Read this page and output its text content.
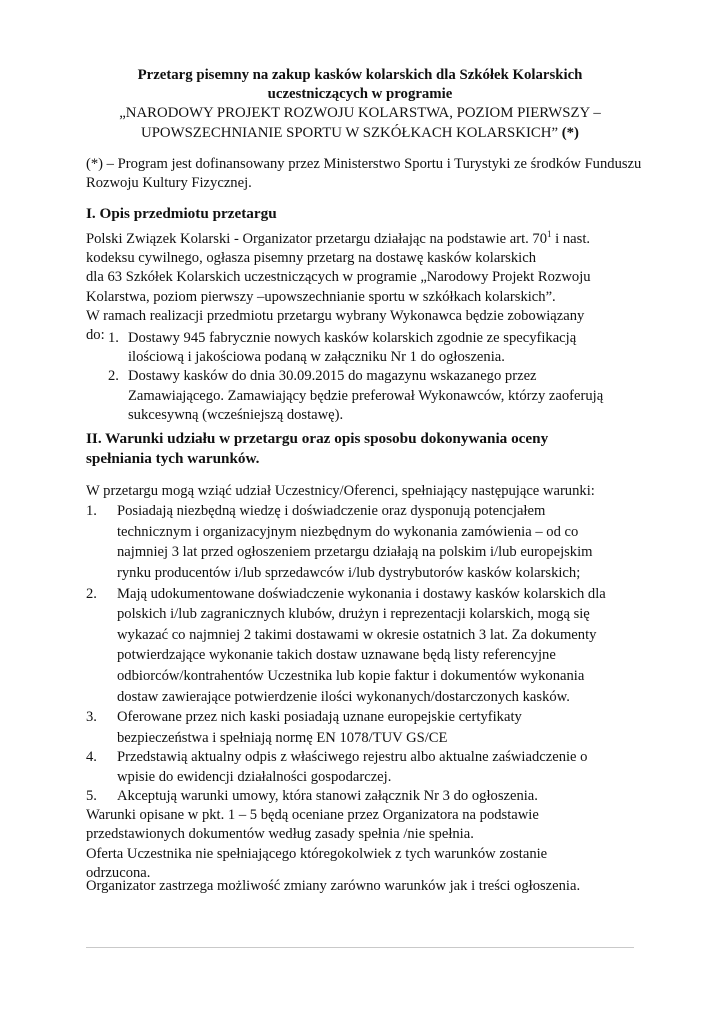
Przetarg pisemny na zakup kasków kolarskich dla Szkółek Kolarskich
uczestniczących w programie
„NARODOWY PROJEKT ROZWOJU KOLARSTWA, POZIOM PIERWSZY –
UPOWSZECHNIANIE SPORTU W SZKÓŁKACH KOLARSKICH” (*)
(*) – Program jest dofinansowany przez Ministerstwo Sportu i Turystyki ze środków Funduszu
Rozwoju Kultury Fizycznej.
I. Opis przedmiotu przetargu
Polski Związek Kolarski - Organizator przetargu działając na podstawie art. $70^1$ i nast.
kodeksu cywilnego, ogłasza pisemny przetarg na dostawę kasków kolarskich
dla 63 Szkółek Kolarskich uczestniczących w programie „Narodowy Projekt Rozwoju
Kolarstwa, poziom pierwszy –upowszechnianie sportu w szkółkach kolarskich”.
W ramach realizacji przedmiotu przetargu wybrany Wykonawca będzie zobowiązany
do: 1. Dostawy 945 fabrycznie nowych kasków kolarskich zgodnie ze specyfikacją
ilościową i jakościowa podaną w załączniku Nr 1 do ogłoszenia.
2. Dostawy kasków do dnia 30.09.2015 do magazynu wskazanego przez
Zamawiającego. Zamawiający będzie preferował Wykonawców, którzy zaoferują
sukcesywną (wcześniejszą dostawę).
II. Warunki udziału w przetargu oraz opis sposobu dokonywania oceny
spełniania tych warunków.
W przetargu mogą wziąć udział Uczestnicy/Oferenci, spełniający następujące warunki:
1. Posiadają niezbędną wiedzę i doświadczenie oraz dysponują potencjałem
technicznym i organizacyjnym niezbędnym do wykonania zamówienia – od co
najmniej 3 lat przed ogłoszeniem przetargu działają na polskim i/lub europejskim
rynku producentów i/lub sprzedawców i/lub dystrybutorów kasków kolarskich;
2. Mają udokumentowane doświadczenie wykonania i dostawy kasków kolarskich dla
polskich i/lub zagranicznych klubów, drużyn i reprezentacji kolarskich, mogą się
wykazać co najmniej 2 takimi dostawami w okresie ostatnich 3 lat. Za dokumenty
potwierdzające wykonanie takich dostaw uznawane będą listy referencyjne
odbiorców/kontrahentów Uczestnika lub kopie faktur i dokumentów wykonania
dostaw zawierające potwierdzenie ilości wykonanych/dostarczonych kasków.
3. Oferowane przez nich kaski posiadają uznane europejskie certyfikaty
bezpieczeństwa i spełniają normę EN 1078/TUV GS/CE
4. Przedstawią aktualny odpis z właściwego rejestru albo aktualne zaświadczenie o
wpisie do ewidencji działalności gospodarczej.
5. Akceptują warunki umowy, która stanowi załącznik Nr 3 do ogłoszenia.
Warunki opisane w pkt. 1 – 5 będą oceniane przez Organizatora na podstawie
przedstawionych dokumentów według zasady spełnia /nie spełnia.
Oferta Uczestnika nie spełniającego któregokolwiek z tych warunków zostanie
odrzucona.
Organizator zastrzega możliwość zmiany zarówno warunków jak i treści ogłoszenia.
